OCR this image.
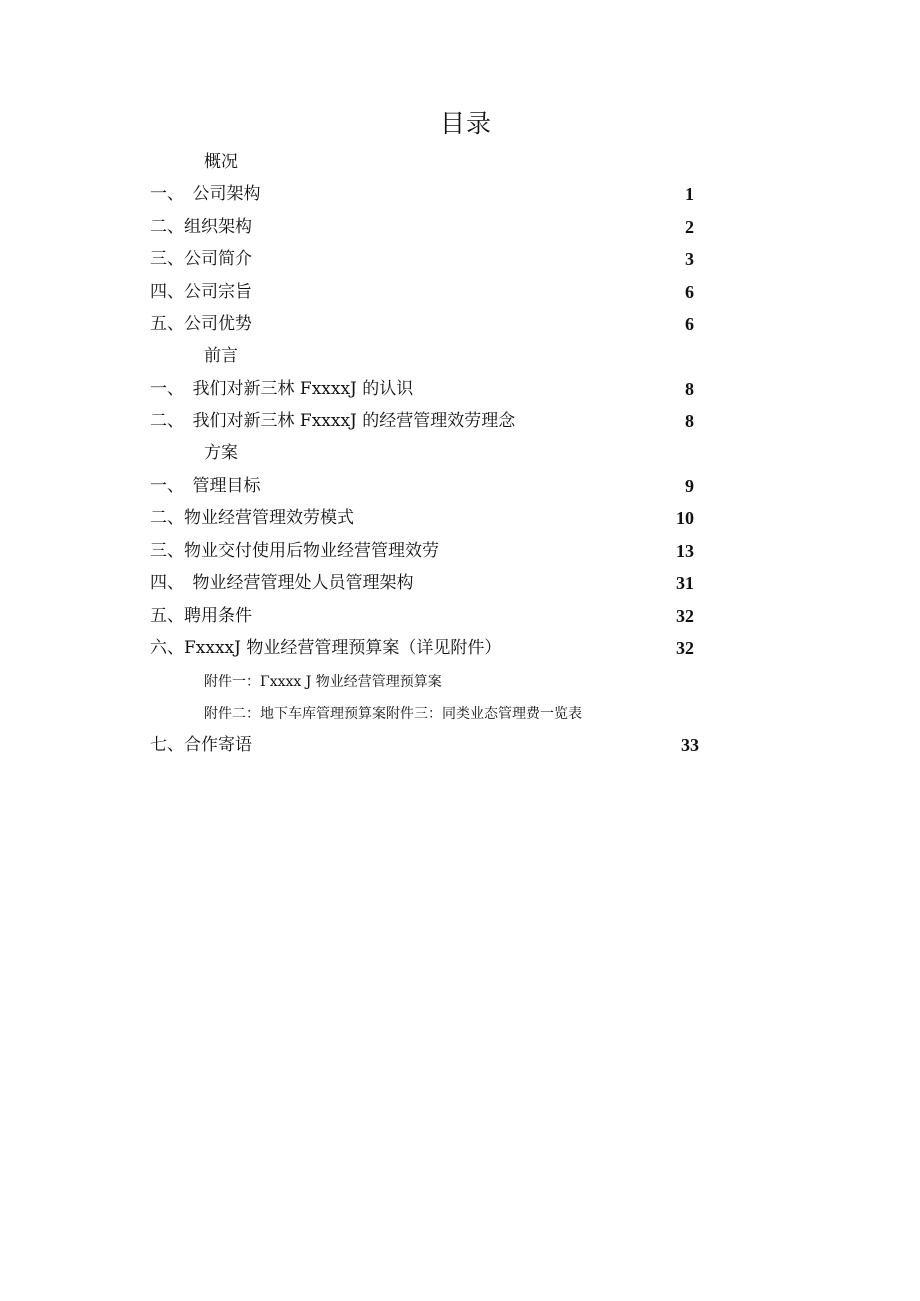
目录
概况
一、　公司架构	1
二、组织架构	2
三、公司简介	3
四、公司宗旨	6
五、公司优势	6
前言
一、　我们对新三林 FxxxxJ 的认识	8
二、　我们对新三林 FxxxxJ 的经营管理效劳理念	8
方案
一、　管理目标	9
二、物业经营管理效劳模式	10
三、物业交付使用后物业经营管理效劳	13
四、　物业经营管理处人员管理架构	31
五、聘用条件	32
六、FxxxxJ 物业经营管理预算案（详见附件）	32
附件一：Γxxxx J 物业经营管理预算案
附件二：地下车库管理预算案附件三：同类业态管理费一览表
七、合作寄语	33
